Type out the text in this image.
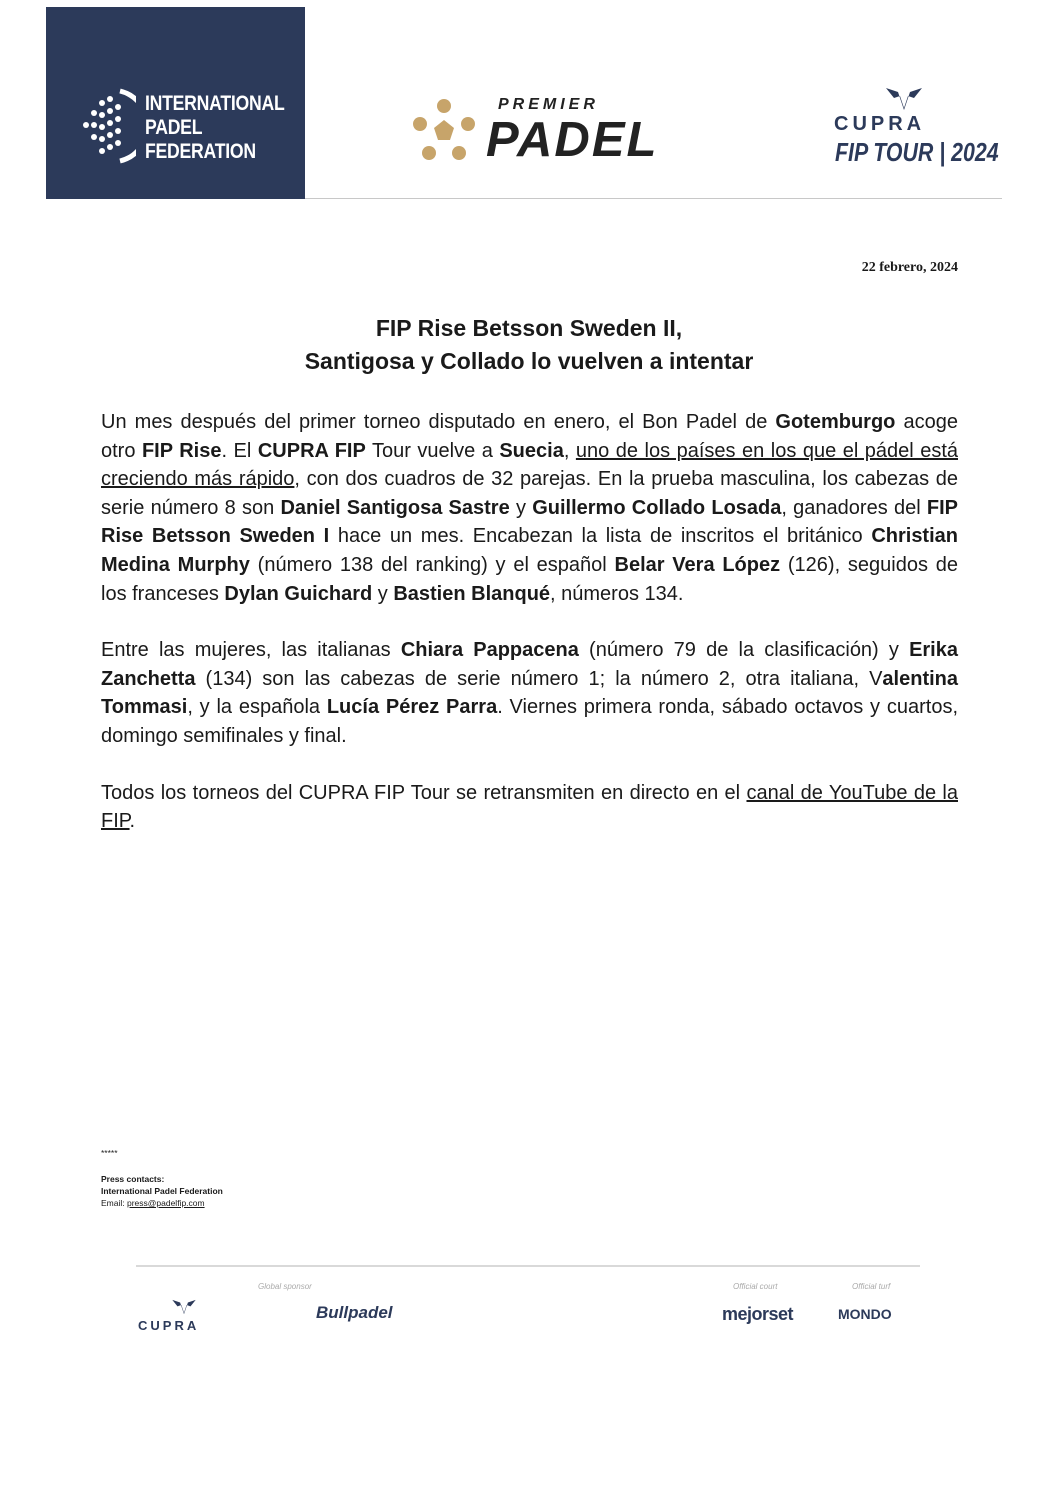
INTERNATIONAL
PADEL
FEDERATION
PREMIER
PADEL	CUPRA
FIP TOUR | 2024
22 febrero, 2024
FIP Rise Betsson Sweden II,
Santigosa y Collado lo vuelven a intentar

Un mes después del primer torneo disputado en enero, el Bon Padel de Gotemburgo acoge otro FIP Rise. El CUPRA FIP Tour vuelve a Suecia, uno de los países en los que el pádel está creciendo más rápido, con dos cuadros de 32 parejas. En la prueba masculina, los cabezas de serie número 8 son Daniel Santigosa Sastre y Guillermo Collado Losada, ganadores del FIP Rise Betsson Sweden I hace un mes. Encabezan la lista de inscritos el británico Christian Medina Murphy (número 138 del ranking) y el español Belar Vera López (126), seguidos de los franceses Dylan Guichard y Bastien Blanqué, números 134.

Entre las mujeres, las italianas Chiara Pappacena (número 79 de la clasificación) y Erika Zanchetta (134) son las cabezas de serie número 1; la número 2, otra italiana, Valentina Tommasi, y la española Lucía Pérez Parra. Viernes primera ronda, sábado octavos y cuartos, domingo semifinales y final.

Todos los torneos del CUPRA FIP Tour se retransmiten en directo en el canal de YouTube de la FIP.

*****
Press contacts:
International Padel Federation
Email: press@padelfip.com
Global sponsor	Official court	Official turf
CUPRA
Bullpadel	mejorset	MONDO
